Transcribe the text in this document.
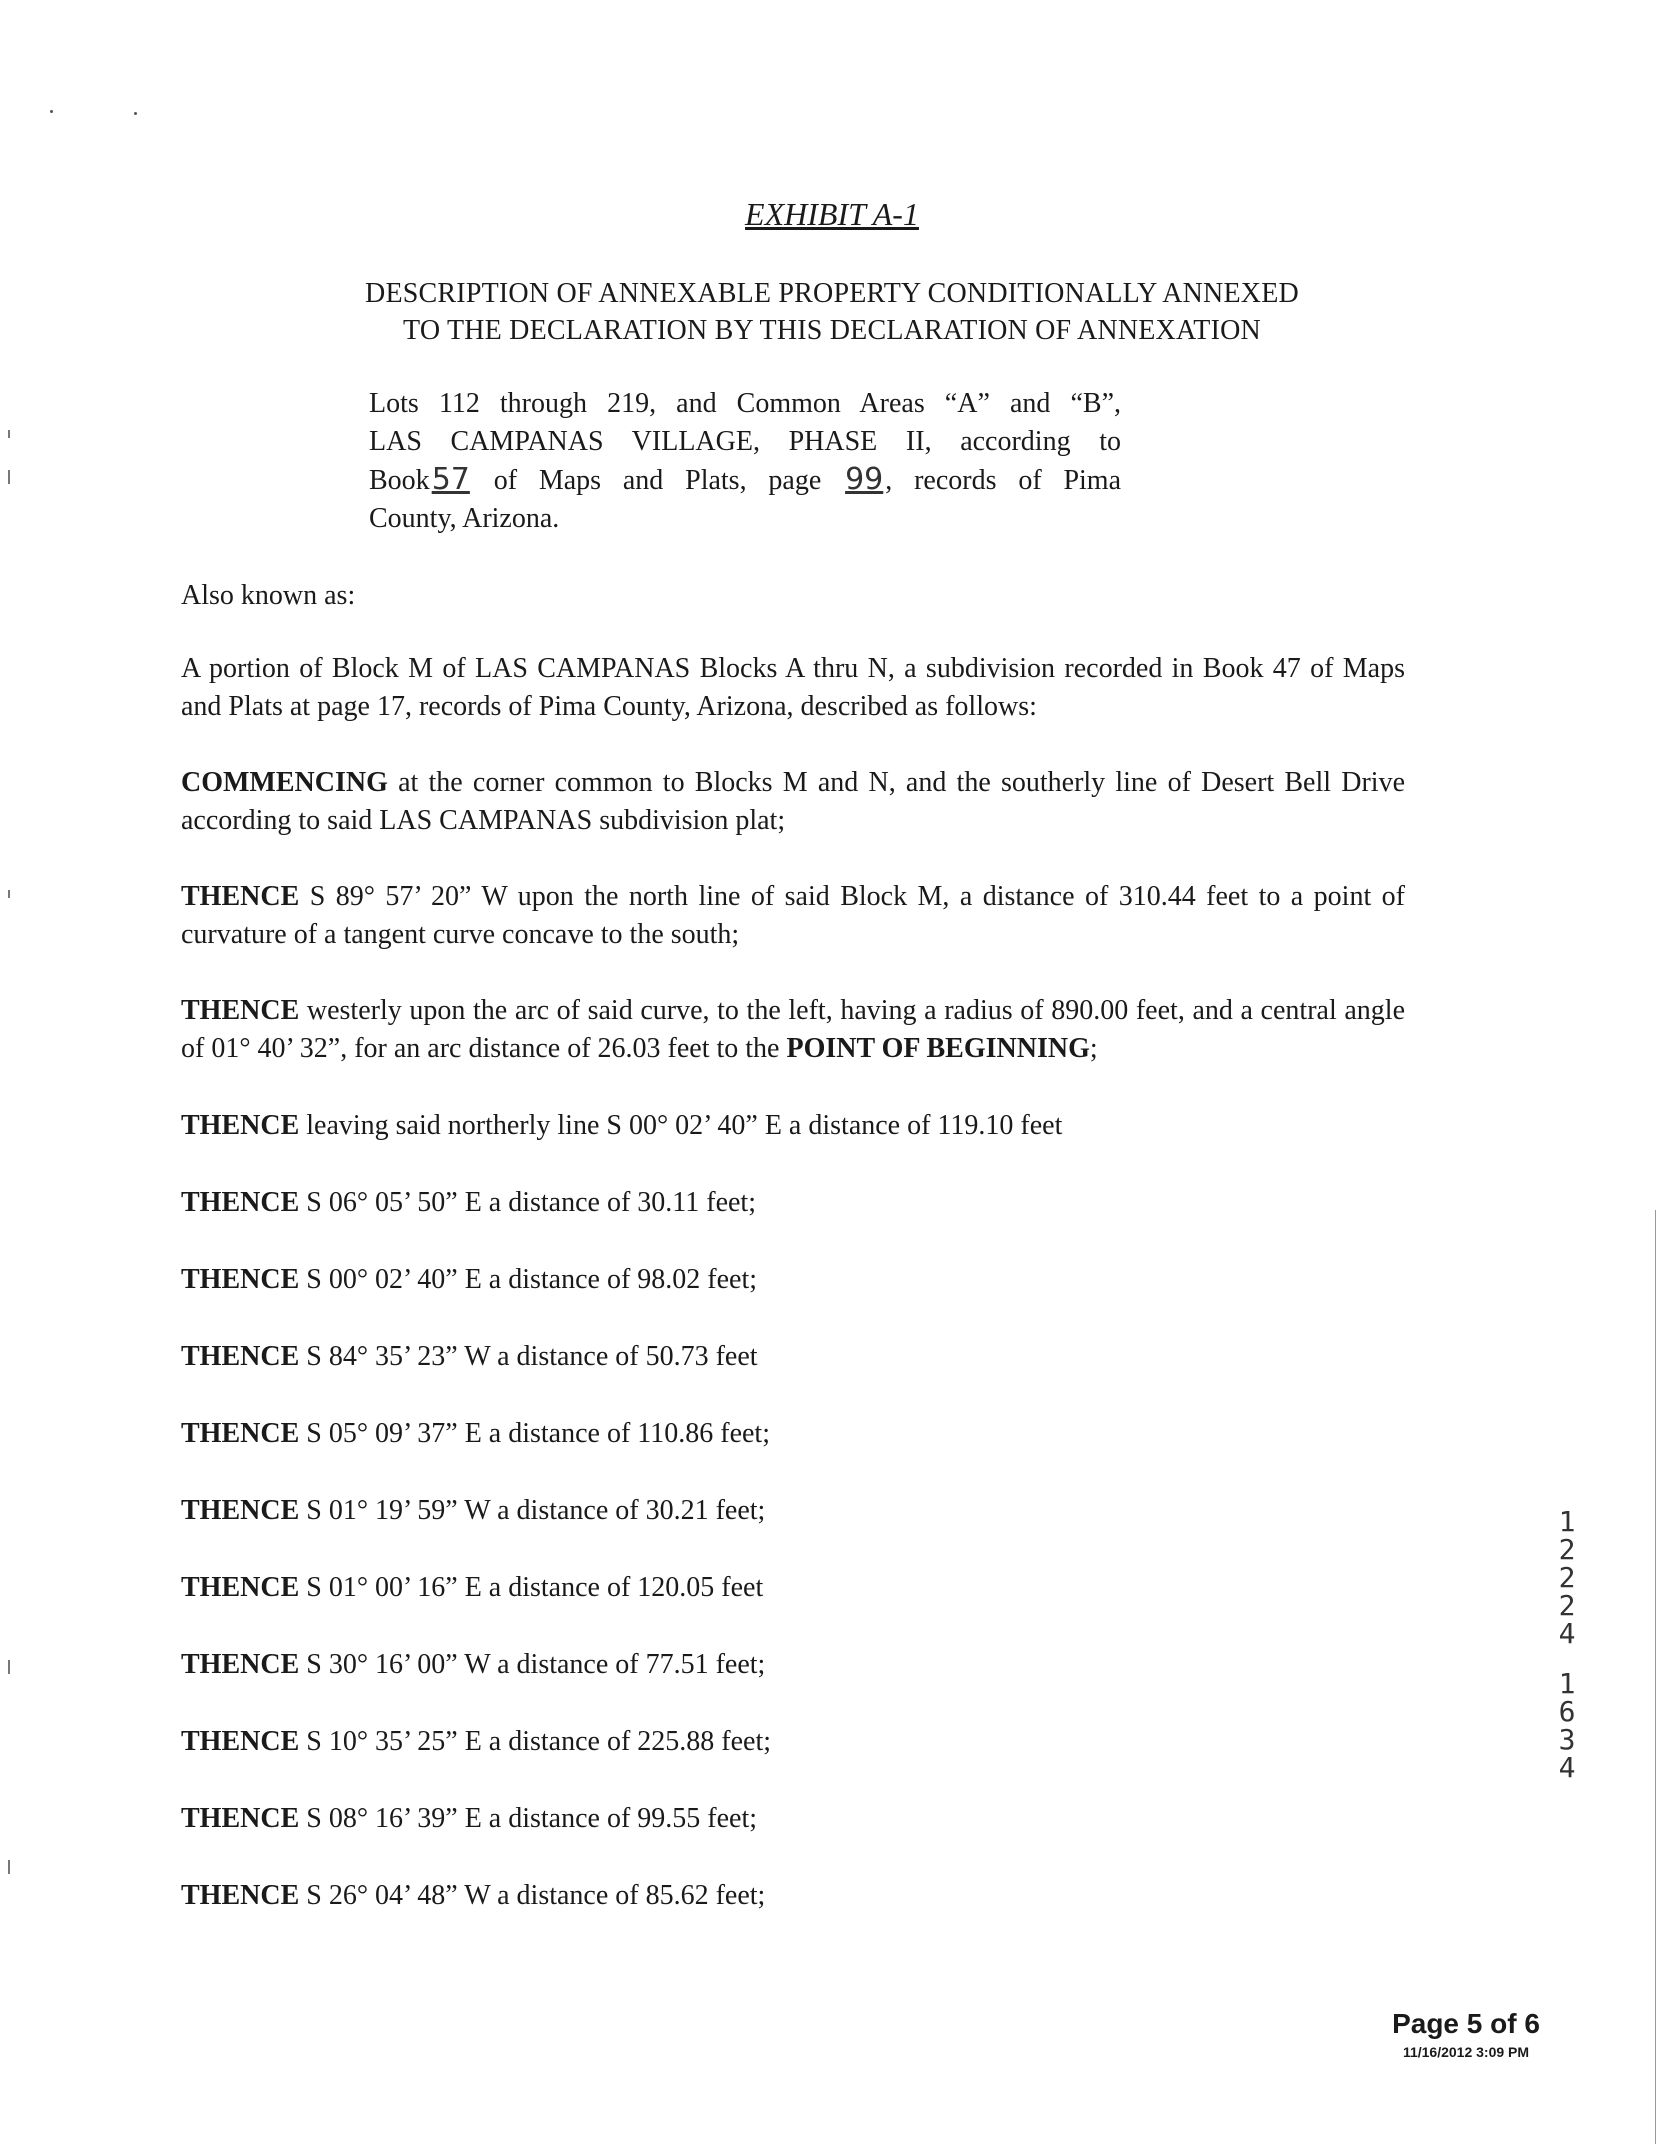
EXHIBIT A-1
DESCRIPTION OF ANNEXABLE PROPERTY CONDITIONALLY ANNEXED
TO THE DECLARATION BY THIS DECLARATION OF ANNEXATION
Lots 112 through 219, and Common Areas “A” and “B”,
LAS CAMPANAS VILLAGE, PHASE II, according to
Book57 of Maps and Plats, page 99, records of Pima
County, Arizona.
Also known as:
A portion of Block M of LAS CAMPANAS Blocks A thru N, a subdivision recorded in Book 47 of Maps and Plats at page 17, records of Pima County, Arizona, described as follows:
COMMENCING at the corner common to Blocks M and N, and the southerly line of Desert Bell Drive according to said LAS CAMPANAS subdivision plat;
THENCE S 89° 57’ 20” W upon the north line of said Block M, a distance of 310.44 feet to a point of curvature of a tangent curve concave to the south;
THENCE westerly upon the arc of said curve, to the left, having a radius of 890.00 feet, and a central angle of 01° 40’ 32”, for an arc distance of 26.03 feet to the POINT OF BEGINNING;
THENCE leaving said northerly line S 00° 02’ 40” E a distance of 119.10 feet
THENCE S 06° 05’ 50” E a distance of 30.11 feet;
THENCE S 00° 02’ 40” E a distance of 98.02 feet;
THENCE S 84° 35’ 23” W a distance of 50.73 feet
THENCE S 05° 09’ 37” E a distance of 110.86 feet;
THENCE S 01° 19’ 59” W a distance of 30.21 feet;
THENCE S 01° 00’ 16” E a distance of 120.05 feet
THENCE S 30° 16’ 00” W a distance of 77.51 feet;
THENCE S 10° 35’ 25” E a distance of 225.88 feet;
THENCE S 08° 16’ 39” E a distance of 99.55 feet;
THENCE S 26° 04’ 48” W a distance of 85.62 feet;
1
2
2
2
4
1
6
3
4
Page 5 of 6
11/16/2012 3:09 PM
